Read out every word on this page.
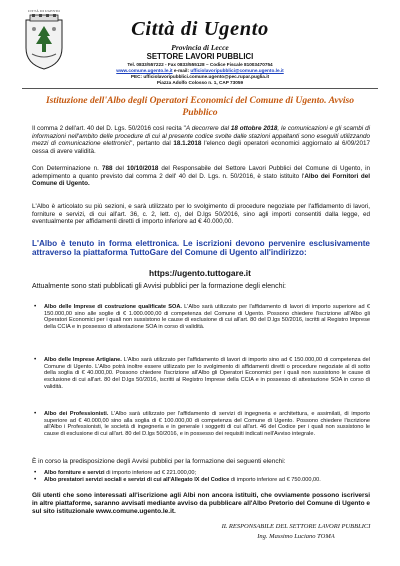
CITTÀ DI UGENTO
Città di Ugento
Provincia di Lecce
SETTORE LAVORI PUBBLICI
Tel. 0833/557222 - Fax 0833/555128 – Codice Fiscale 81003470754
www.comune.ugento.le.it e-mail: ufficiolavoripubblici@comune.ugento.le.it
PEC: ufficiolavoripubblici.comune.ugento@pec.rupar.puglia.it
Piazza Adolfo Colosso n. 1, CAP 73059
Istituzione dell'Albo degli Operatori Economici del Comune di Ugento. Avviso Pubblico
Il comma 2 dell'art. 40 del D. Lgs. 50/2016 così recita "A decorrere dal 18 ottobre 2018, le comunicazioni e gli scambi di informazioni nell'ambito delle procedure di cui al presente codice svolte dalle stazioni appaltanti sono eseguiti utilizzando mezzi di comunicazione elettronici", pertanto dal 18.1.2018 l'elenco degli operatori economici aggiornato al 6/09/2017 cessa di avere validità.
Con Determinazione n. 788 del 10/10/2018 del Responsabile del Settore Lavori Pubblici del Comune di Ugento, in adempimento a quanto previsto dal comma 2 dell' 40 del D. Lgs. n. 50/2016, è stato istituito l'Albo dei Fornitori del Comune di Ugento.
L'Albo è articolato su più sezioni, e sarà utilizzato per lo svolgimento di procedure negoziate per l'affidamento di lavori, forniture e servizi, di cui all'art. 36, c. 2, lett. c), del D.lgs 50/2016, sino agli importi consentiti dalla legge, ed eventualmente per affidamenti diretti di importo inferiore ad € 40.000,00.
L'Albo è tenuto in forma elettronica. Le iscrizioni devono pervenire esclusivamente attraverso la piattaforma TuttoGare del Comune di Ugento all'indirizzo:
https://ugento.tuttogare.it
Attualmente sono stati pubblicati gli Avvisi pubblici per la formazione degli elenchi:
• Albo delle Imprese di costruzione qualificate SOA. L'Albo sarà utilizzato per l'affidamento di lavori di importo superiore ad € 150.000,00 sino alle soglie di € 1.000.000,00 di competenza del Comune di Ugento. Possono chiedere l'iscrizione all'Albo gli Operatori Economici per i quali non sussistono le cause di esclusione di cui all'art. 80 del D.lgs 50/2016, iscritti al Registro Imprese della CCIA e in possesso di attestazione SOA in corso di validità.
• Albo delle Imprese Artigiane. L'Albo sarà utilizzato per l'affidamento di lavori di importo sino ad € 150.000,00 di competenza del Comune di Ugento. L'Albo potrà inoltre essere utilizzato per lo svolgimento di affidamenti diretti o procedure negoziate al di sotto della soglia di € 40.000,00. Possono chiedere l'iscrizione all'Albo gli Operatori Economici per i quali non sussistono le cause di esclusione di cui all'art. 80 del D.lgs 50/2016, iscritti al Registro Imprese della CCIA e in possesso di attestazione SOA in corso di validità.
• Albo dei Professionisti. L'Albo sarà utilizzato per l'affidamento di servizi di ingegneria e architettura, e assimilati, di importo superiore ad € 40.000,00 sino alla soglia di € 100.000,00 di competenza del Comune di Ugento. Possono chiedere l'iscrizione all'Albo i Professionisti, le società di ingegneria e in generale i soggetti di cui all'art. 46 del Codice per i quali non sussistono le cause di esclusione di cui all'art. 80 del D.lgs 50/2016, e in possesso dei requisiti indicati nell'Avviso integrale.
È in corso la predisposizione degli Avvisi pubblici per la formazione dei seguenti elenchi:
• Albo forniture e servizi di importo inferiore ad € 221.000,00;
• Albo prestatori servizi sociali e servizi di cui all'Allegato IX del Codice di importo inferiore ad € 750.000,00.
Gli utenti che sono interessati all'iscrizione agli Albi non ancora istituiti, che ovviamente possono iscriversi in altre piattaforme, saranno avvisati mediante avviso da pubblicare all'Albo Pretorio del Comune di Ugento e sul sito istituzionale www.comune.ugento.le.it.
IL RESPONSABILE DEL SETTORE LAVORI PUBBLICI
Ing. Massimo Luciano TOMA
